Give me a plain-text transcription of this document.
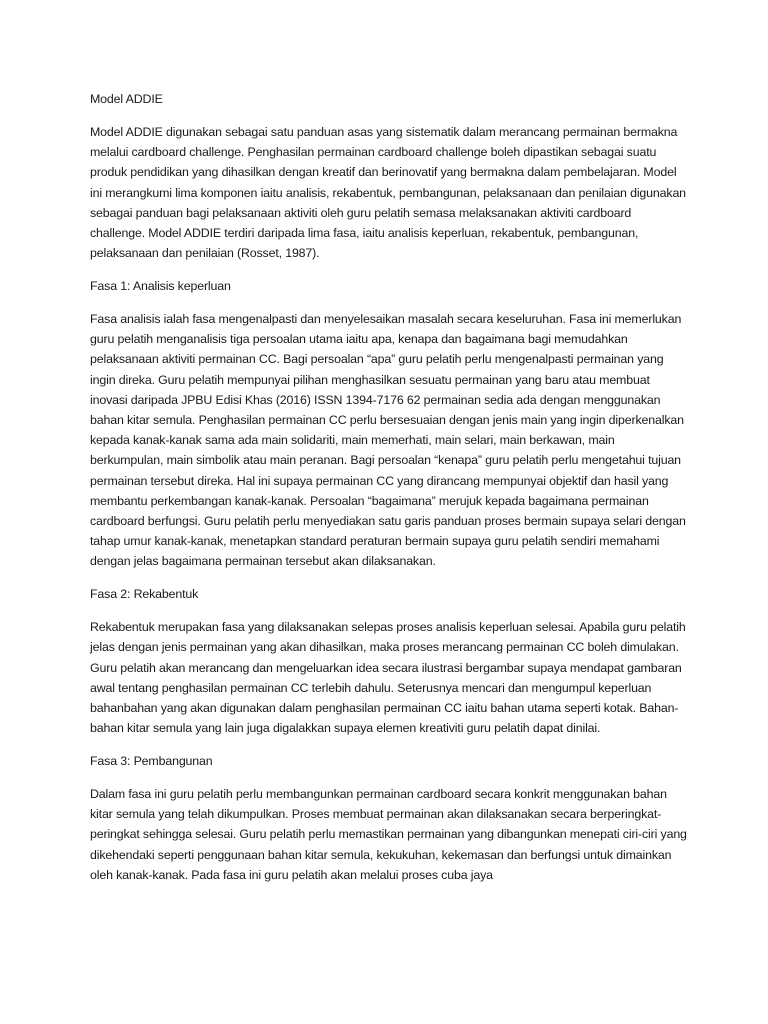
Model ADDIE

Model ADDIE digunakan sebagai satu panduan asas yang sistematik dalam merancang permainan bermakna melalui cardboard challenge. Penghasilan permainan cardboard challenge boleh dipastikan sebagai suatu produk pendidikan yang dihasilkan dengan kreatif dan berinovatif yang bermakna dalam pembelajaran. Model ini merangkumi lima komponen iaitu analisis, rekabentuk, pembangunan, pelaksanaan dan penilaian digunakan sebagai panduan bagi pelaksanaan aktiviti oleh guru pelatih semasa melaksanakan aktiviti cardboard challenge. Model ADDIE terdiri daripada lima fasa, iaitu analisis keperluan, rekabentuk, pembangunan, pelaksanaan dan penilaian (Rosset, 1987).

Fasa 1: Analisis keperluan

Fasa analisis ialah fasa mengenalpasti dan menyelesaikan masalah secara keseluruhan. Fasa ini memerlukan guru pelatih menganalisis tiga persoalan utama iaitu apa, kenapa dan bagaimana bagi memudahkan pelaksanaan aktiviti permainan CC. Bagi persoalan “apa” guru pelatih perlu mengenalpasti permainan yang ingin direka. Guru pelatih mempunyai pilihan menghasilkan sesuatu permainan yang baru atau membuat inovasi daripada JPBU Edisi Khas (2016) ISSN 1394-7176 62 permainan sedia ada dengan menggunakan bahan kitar semula. Penghasilan permainan CC perlu bersesuaian dengan jenis main yang ingin diperkenalkan kepada kanak-kanak sama ada main solidariti, main memerhati, main selari, main berkawan, main berkumpulan, main simbolik atau main peranan. Bagi persoalan “kenapa” guru pelatih perlu mengetahui tujuan permainan tersebut direka. Hal ini supaya permainan CC yang dirancang mempunyai objektif dan hasil yang membantu perkembangan kanak-kanak. Persoalan “bagaimana” merujuk kepada bagaimana permainan cardboard berfungsi. Guru pelatih perlu menyediakan satu garis panduan proses bermain supaya selari dengan tahap umur kanak-kanak, menetapkan standard peraturan bermain supaya guru pelatih sendiri memahami dengan jelas bagaimana permainan tersebut akan dilaksanakan.

Fasa 2: Rekabentuk

Rekabentuk merupakan fasa yang dilaksanakan selepas proses analisis keperluan selesai. Apabila guru pelatih jelas dengan jenis permainan yang akan dihasilkan, maka proses merancang permainan CC boleh dimulakan. Guru pelatih akan merancang dan mengeluarkan idea secara ilustrasi bergambar supaya mendapat gambaran awal tentang penghasilan permainan CC terlebih dahulu. Seterusnya mencari dan mengumpul keperluan bahanbahan yang akan digunakan dalam penghasilan permainan CC iaitu bahan utama seperti kotak. Bahan-bahan kitar semula yang lain juga digalakkan supaya elemen kreativiti guru pelatih dapat dinilai.

Fasa 3: Pembangunan

Dalam fasa ini guru pelatih perlu membangunkan permainan cardboard secara konkrit menggunakan bahan kitar semula yang telah dikumpulkan. Proses membuat permainan akan dilaksanakan secara berperingkat-peringkat sehingga selesai. Guru pelatih perlu memastikan permainan yang dibangunkan menepati ciri-ciri yang dikehendaki seperti penggunaan bahan kitar semula, kekukuhan, kekemasan dan berfungsi untuk dimainkan oleh kanak-kanak. Pada fasa ini guru pelatih akan melalui proses cuba jaya
